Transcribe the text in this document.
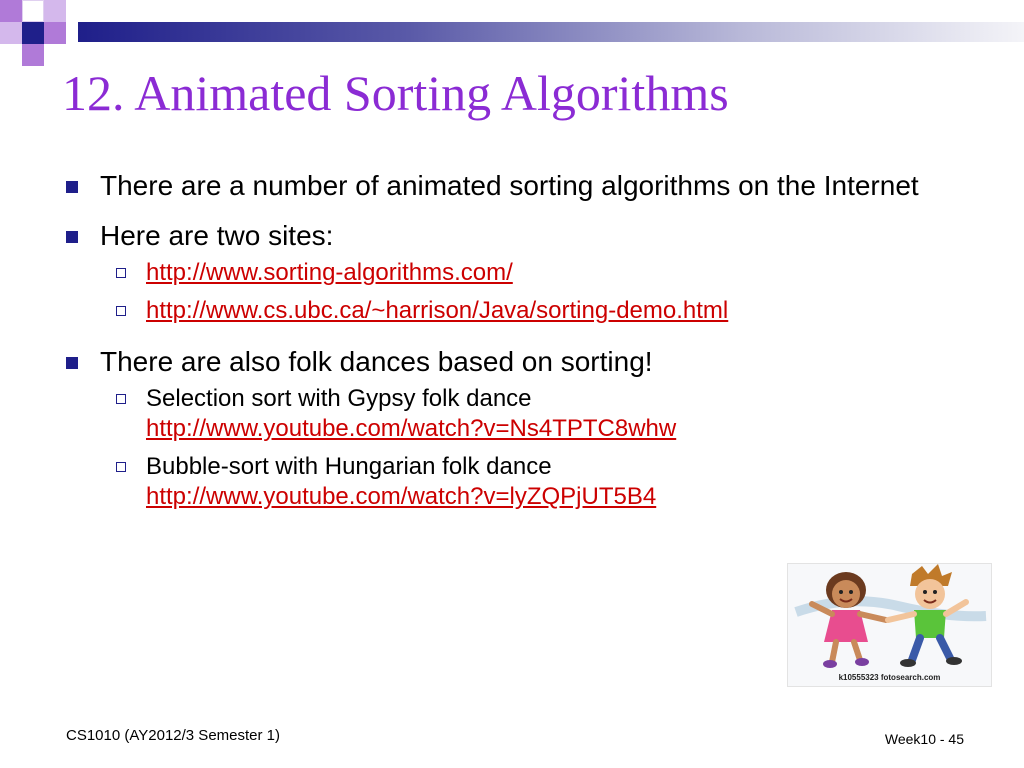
12. Animated Sorting Algorithms
There are a number of animated sorting algorithms on the Internet
Here are two sites:
http://www.sorting-algorithms.com/
http://www.cs.ubc.ca/~harrison/Java/sorting-demo.html
There are also folk dances based on sorting!
Selection sort with Gypsy folk dance
http://www.youtube.com/watch?v=Ns4TPTC8whw
Bubble-sort with Hungarian folk dance
http://www.youtube.com/watch?v=lyZQPjUT5B4
k10555323 fotosearch.com
CS1010 (AY2012/3 Semester 1)	Week10 - 45
